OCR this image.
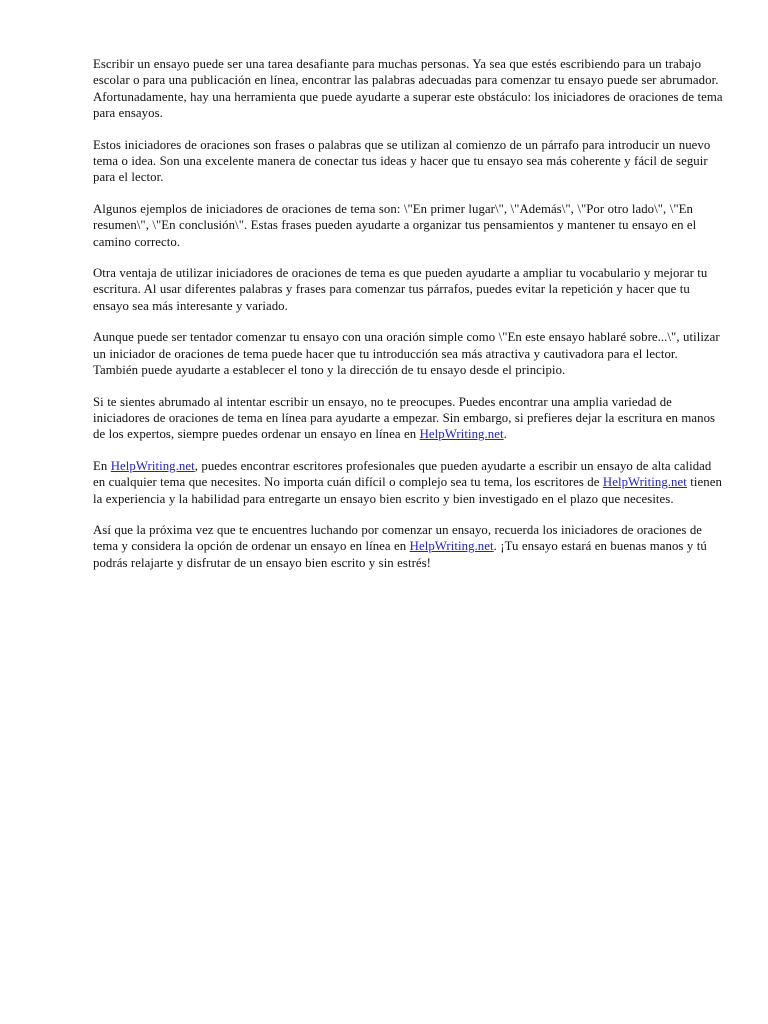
Escribir un ensayo puede ser una tarea desafiante para muchas personas. Ya sea que estés escribiendo para un trabajo escolar o para una publicación en línea, encontrar las palabras adecuadas para comenzar tu ensayo puede ser abrumador. Afortunadamente, hay una herramienta que puede ayudarte a superar este obstáculo: los iniciadores de oraciones de tema para ensayos.

Estos iniciadores de oraciones son frases o palabras que se utilizan al comienzo de un párrafo para introducir un nuevo tema o idea. Son una excelente manera de conectar tus ideas y hacer que tu ensayo sea más coherente y fácil de seguir para el lector.

Algunos ejemplos de iniciadores de oraciones de tema son: \"En primer lugar\", \"Además\", \"Por otro lado\", \"En resumen\", \"En conclusión\". Estas frases pueden ayudarte a organizar tus pensamientos y mantener tu ensayo en el camino correcto.

Otra ventaja de utilizar iniciadores de oraciones de tema es que pueden ayudarte a ampliar tu vocabulario y mejorar tu escritura. Al usar diferentes palabras y frases para comenzar tus párrafos, puedes evitar la repetición y hacer que tu ensayo sea más interesante y variado.

Aunque puede ser tentador comenzar tu ensayo con una oración simple como \"En este ensayo hablaré sobre...\", utilizar un iniciador de oraciones de tema puede hacer que tu introducción sea más atractiva y cautivadora para el lector. También puede ayudarte a establecer el tono y la dirección de tu ensayo desde el principio.

Si te sientes abrumado al intentar escribir un ensayo, no te preocupes. Puedes encontrar una amplia variedad de iniciadores de oraciones de tema en línea para ayudarte a empezar. Sin embargo, si prefieres dejar la escritura en manos de los expertos, siempre puedes ordenar un ensayo en línea en HelpWriting.net.

En HelpWriting.net, puedes encontrar escritores profesionales que pueden ayudarte a escribir un ensayo de alta calidad en cualquier tema que necesites. No importa cuán difícil o complejo sea tu tema, los escritores de HelpWriting.net tienen la experiencia y la habilidad para entregarte un ensayo bien escrito y bien investigado en el plazo que necesites.

Así que la próxima vez que te encuentres luchando por comenzar un ensayo, recuerda los iniciadores de oraciones de tema y considera la opción de ordenar un ensayo en línea en HelpWriting.net. ¡Tu ensayo estará en buenas manos y tú podrás relajarte y disfrutar de un ensayo bien escrito y sin estrés!
